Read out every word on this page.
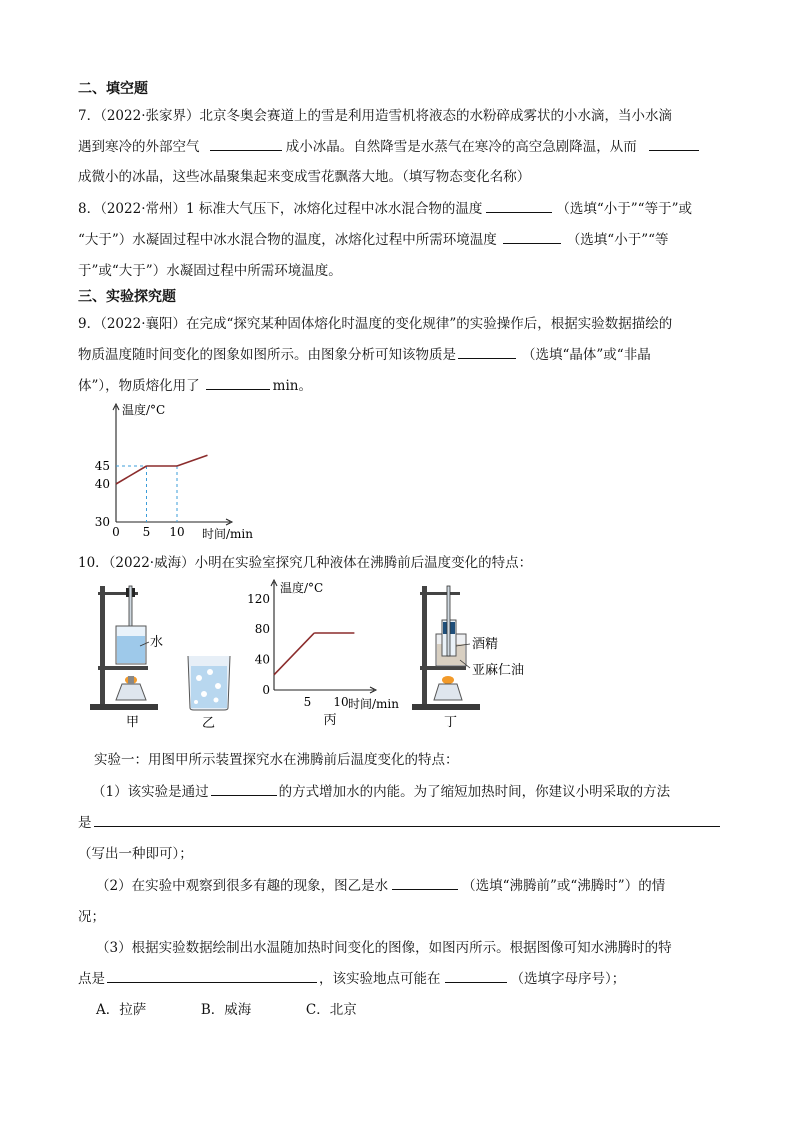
二、填空题
7．（2022·张家界）北京冬奥会赛道上的雪是利用造雪机将液态的水粉碎成雾状的小水滴，当小水滴
遇到寒冷的外部空气	成小冰晶。自然降雪是水蒸气在寒冷的高空急剧降温，从而
成微小的冰晶，这些冰晶聚集起来变成雪花飘落大地。（填写物态变化名称）
8．（2022·常州）1 标准大气压下，冰熔化过程中冰水混合物的温度	（选填“小于”“等于”或
“大于”）水凝固过程中冰水混合物的温度，冰熔化过程中所需环境温度	（选填“小于”“等
于”或“大于”）水凝固过程中所需环境温度。
三、实验探究题
9．（2022·襄阳）在完成“探究某种固体熔化时温度的变化规律”的实验操作后，根据实验数据描绘的
物质温度随时间变化的图象如图所示。由图象分析可知该物质是	（选填“晶体”或“非晶
体”），物质熔化用了	min。
温度/°C
时间/min
30
40
45
0 5 10
10．（2022·威海）小明在实验室探究几种液体在沸腾前后温度变化的特点：
水
甲	乙
温度/°C
时间/min
0
40
80
120
5 10
丙
酒精
亚麻仁油
丁
实验一：用图甲所示装置探究水在沸腾前后温度变化的特点：
（1）该实验是通过	的方式增加水的内能。为了缩短加热时间，你建议小明采取的方法
是
（写出一种即可）；
（2）在实验中观察到很多有趣的现象，图乙是水	（选填“沸腾前”或“沸腾时”）的情
况；
（3）根据实验数据绘制出水温随加热时间变化的图像，如图丙所示。根据图像可知水沸腾时的特
点是	，该实验地点可能在	（选填字母序号）；
A．拉萨	B．威海	C．北京
